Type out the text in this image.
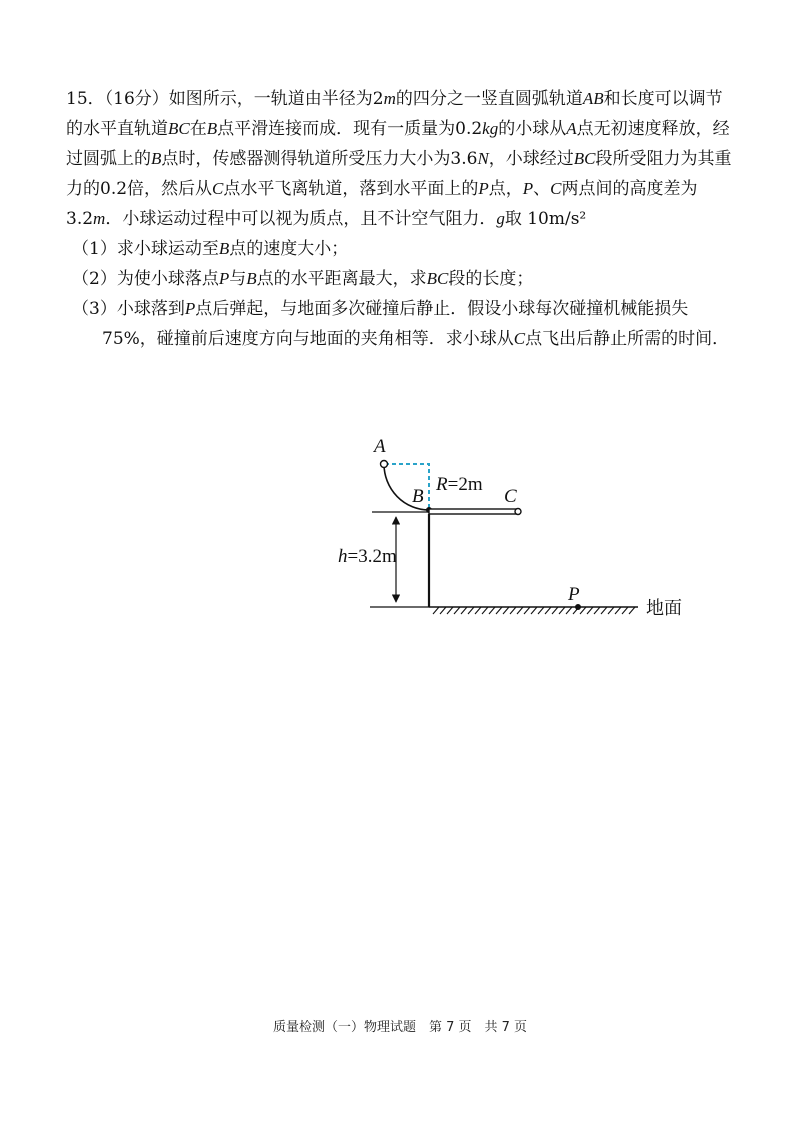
15．（16分）如图所示，一轨道由半径为2m的四分之一竖直圆弧轨道AB和长度可以调节的水平直轨道BC在B点平滑连接而成．现有一质量为0.2kg的小球从A点无初速度释放，经过圆弧上的B点时，传感器测得轨道所受压力大小为3.6N，小球经过BC段所受阻力为其重力的0.2倍，然后从C点水平飞离轨道，落到水平面上的P点，P、C两点间的高度差为3.2m．小球运动过程中可以视为质点，且不计空气阻力．g取 10m/s²

（1）求小球运动至B点的速度大小；

（2）为使小球落点P与B点的水平距离最大，求BC段的长度；

（3）小球落到P点后弹起，与地面多次碰撞后静止．假设小球每次碰撞机械能损失75%，碰撞前后速度方向与地面的夹角相等．求小球从C点飞出后静止所需的时间．

A
B	C
R=2m
h=3.2m
P
地面
质量检测（一）物理试题　第 7 页　共 7 页
